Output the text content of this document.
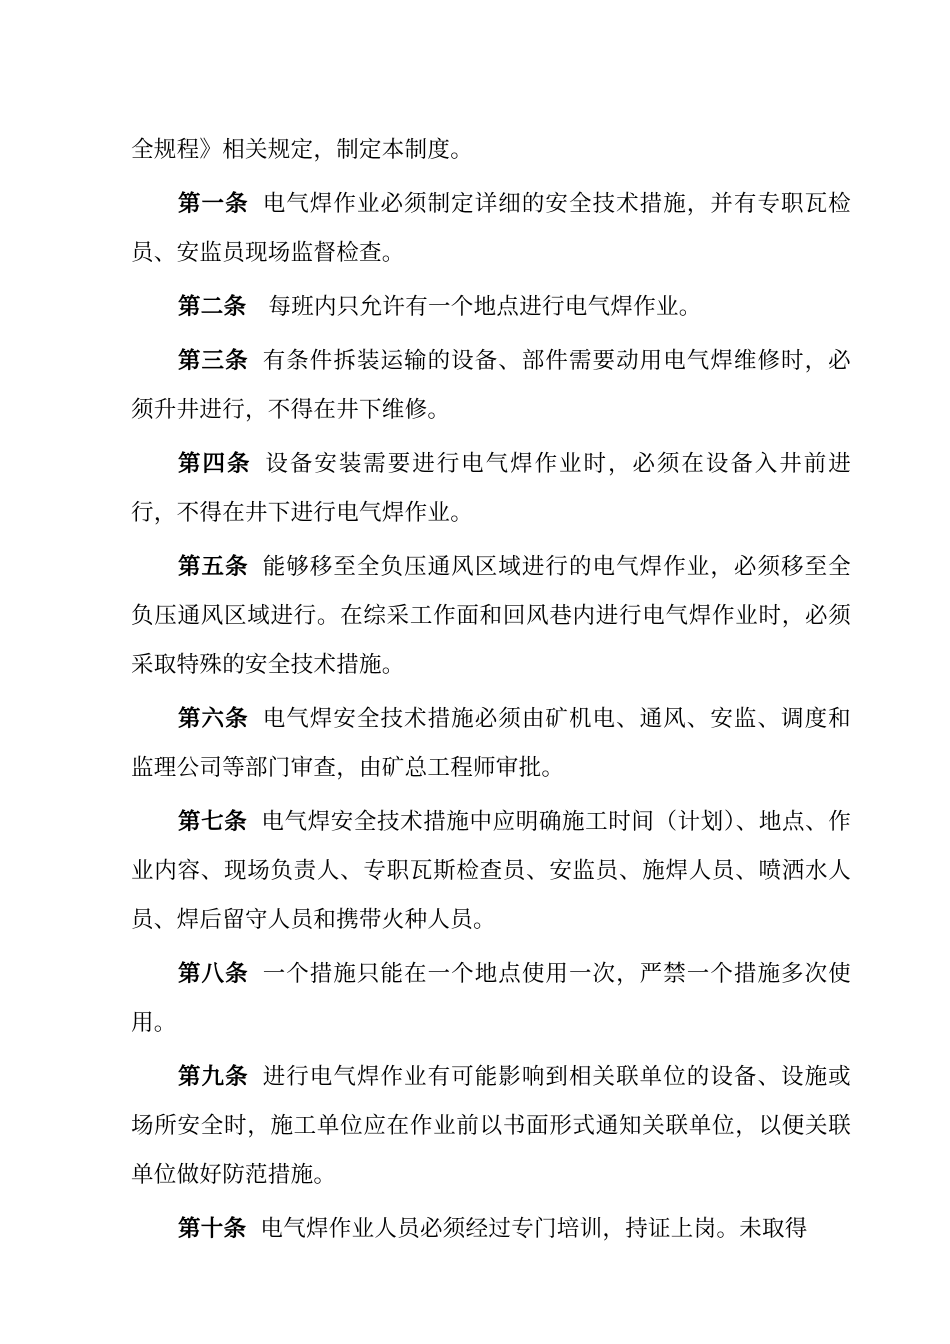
全规程》相关规定，制定本制度。

第一条 电气焊作业必须制定详细的安全技术措施，并有专职瓦检员、安监员现场监督检查。

第二条 每班内只允许有一个地点进行电气焊作业。

第三条 有条件拆装运输的设备、部件需要动用电气焊维修时，必须升井进行，不得在井下维修。

第四条 设备安装需要进行电气焊作业时，必须在设备入井前进行，不得在井下进行电气焊作业。

第五条 能够移至全负压通风区域进行的电气焊作业，必须移至全负压通风区域进行。在综采工作面和回风巷内进行电气焊作业时，必须采取特殊的安全技术措施。

第六条 电气焊安全技术措施必须由矿机电、通风、安监、调度和监理公司等部门审查，由矿总工程师审批。

第七条 电气焊安全技术措施中应明确施工时间（计划）、地点、作业内容、现场负责人、专职瓦斯检查员、安监员、施焊人员、喷洒水人员、焊后留守人员和携带火种人员。

第八条 一个措施只能在一个地点使用一次，严禁一个措施多次使用。

第九条 进行电气焊作业有可能影响到相关联单位的设备、设施或场所安全时，施工单位应在作业前以书面形式通知关联单位，以便关联单位做好防范措施。

第十条 电气焊作业人员必须经过专门培训，持证上岗。未取得
